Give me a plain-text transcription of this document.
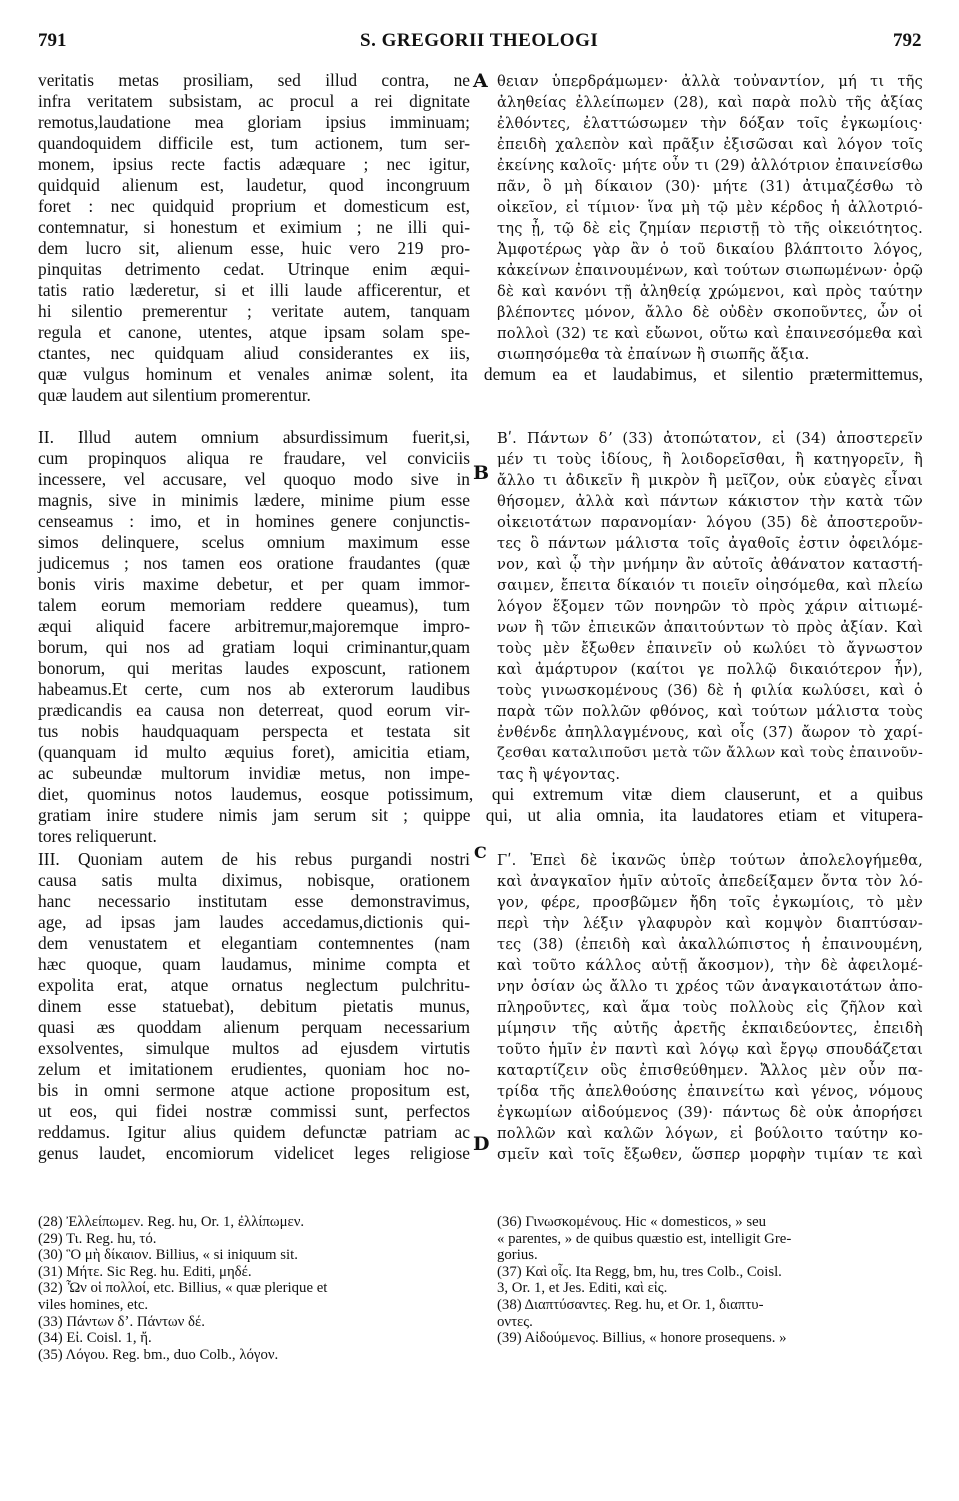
791	S. GREGORII THEOLOGI	792
veritatis metas prosiliam, sed illud contra, ne
infra veritatem subsistam, ac procul a rei dignitate
remotus,laudatione mea gloriam ipsius imminuam;
quandoquidem difficile est, tum actionem, tum ser-
monem, ipsius recte factis adæquare ; nec igitur,
quidquid alienum est, laudetur, quod incongruum
foret : nec quidquid proprium et domesticum est,
contemnatur, si honestum et eximium ; ne illi qui-
dem lucro sit, alienum esse, huic vero 219 pro-
pinquitas detrimento cedat. Utrinque enim æqui-
tatis ratio læderetur, si et illi laude afficerentur, et
hi silentio premerentur ; veritate autem, tanquam
regula et canone, utentes, atque ipsam solam spe-
ctantes, nec quidquam aliud considerantes ex iis,
θειαν ὑπερδράμωμεν· ἀλλὰ τοὐναντίον, μή τι τῆς
ἀληθείας ἐλλείπωμεν (28), καὶ παρὰ πολὺ τῆς ἀξίας
ἐλθόντες, ἐλαττώσωμεν τὴν δόξαν τοῖς ἐγκωμίοις·
ἐπειδὴ χαλεπὸν καὶ πρᾶξιν ἐξισῶσαι καὶ λόγον τοῖς
ἐκείνης καλοῖς· μήτε οὖν τι (29) ἀλλότριον ἐπαινείσθω
πᾶν, ὃ μὴ δίκαιον (30)· μήτε (31) ἀτιμαζέσθω τὸ
οἰκεῖον, εἰ τίμιον· ἵνα μὴ τῷ μὲν κέρδος ἡ ἀλλοτριό-
της ᾖ, τῷ δὲ εἰς ζημίαν περιστῇ τὸ τῆς οἰκειότητος.
Ἀμφοτέρως γὰρ ἂν ὁ τοῦ δικαίου βλάπτοιτο λόγος,
κἀκείνων ἐπαινουμένων, καὶ τούτων σιωπωμένων· ὀρῷ
δὲ καὶ κανόνι τῇ ἀληθείᾳ χρώμενοι, καὶ πρὸς ταύτην
βλέποντες μόνον, ἄλλο δὲ οὐδὲν σκοποῦντες, ὧν οἱ
πολλοὶ (32) τε καὶ εὔωνοι, οὕτω καὶ ἐπαινεσόμεθα καὶ
σιωπησόμεθα τὰ ἐπαίνων ἢ σιωπῆς ἄξια.
quæ vulgus hominum et venales animæ solent, ita demum ea et laudabimus, et silentio prætermittemus,
quæ laudem aut silentium promerentur.
II. Illud autem omnium absurdissimum fuerit,si,
cum propinquos aliqua re fraudare, vel conviciis
incessere, vel accusare, vel quoquo modo sive in
magnis, sive in minimis lædere, minime pium esse
censeamus : imo, et in homines genere conjunctis-
simos delinquere, scelus omnium maximum esse
judicemus ; nos tamen eos oratione fraudantes (quæ
bonis viris maxime debetur, et per quam immor-
talem eorum memoriam reddere queamus), tum
æqui aliquid facere arbitremur,majoremque impro-
borum, qui nos ad gratiam loqui criminantur,quam
bonorum, qui meritas laudes exposcunt, rationem
habeamus.Et certe, cum nos ab exterorum laudibus
prædicandis ea causa non deterreat, quod eorum vir-
tus nobis haudquaquam perspecta et testata sit
(quanquam id multo æquius foret), amicitia etiam,
ac subeundæ multorum invidiæ metus, non impe-
Βʹ. Πάντων δʼ (33) ἀτοπώτατον, εἰ (34) ἀποστερεῖν
μέν τι τοὺς ἰδίους, ἢ λοιδορεῖσθαι, ἢ κατηγορεῖν, ἢ
ἄλλο τι ἀδικεῖν ἢ μικρὸν ἢ μεῖζον, οὐκ εὐαγὲς εἶναι
θήσομεν, ἀλλὰ καὶ πάντων κάκιστον τὴν κατὰ τῶν
οἰκειοτάτων παρανομίαν· λόγου (35) δὲ ἀποστεροῦν-
τες ὃ πάντων μάλιστα τοῖς ἀγαθοῖς ἐστιν ὀφειλόμε-
νον, καὶ ᾧ τὴν μνήμην ἂν αὐτοῖς ἀθάνατον καταστή-
σαιμεν, ἔπειτα δίκαιόν τι ποιεῖν οἰησόμεθα, καὶ πλείω
λόγον ἕξομεν τῶν πονηρῶν τὸ πρὸς χάριν αἰτιωμέ-
νων ἢ τῶν ἐπιεικῶν ἀπαιτούντων τὸ πρὸς ἀξίαν. Καὶ
τοὺς μὲν ἔξωθεν ἐπαινεῖν οὐ κωλύει τὸ ἄγνωστον
καὶ ἀμάρτυρον (καίτοι γε πολλῷ δικαιότερον ἦν),
τοὺς γινωσκομένους (36) δὲ ἡ φιλία κωλύσει, καὶ ὁ
παρὰ τῶν πολλῶν φθόνος, καὶ τούτων μάλιστα τοὺς
ἐνθένδε ἀπηλλαγμένους, καὶ οἷς (37) ἄωρον τὸ χαρί-
ζεσθαι καταλιποῦσι μετὰ τῶν ἄλλων καὶ τοὺς ἐπαινοῦν-
τας ἢ ψέγοντας.
diet, quominus notos laudemus, eosque potissimum, qui extremum vitæ diem clauserunt, et a quibus
gratiam inire studere nimis jam serum sit ; quippe qui, ut alia omnia, ita laudatores etiam et vitupera-
tores reliquerunt.
III. Quoniam autem de his rebus purgandi nostri
causa satis multa diximus, nobisque, orationem
hanc necessario institutam esse demonstravimus,
age, ad ipsas jam laudes accedamus,dictionis qui-
dem venustatem et elegantiam contemnentes (nam
hæc quoque, quam laudamus, minime compta et
expolita erat, atque ornatus neglectum pulchritu-
dinem esse statuebat), debitum pietatis munus,
quasi æs quoddam alienum perquam necessarium
exsolventes, simulque multos ad ejusdem virtutis
zelum et imitationem erudientes, quoniam hoc no-
bis in omni sermone atque actione propositum est,
ut eos, qui fidei nostræ commissi sunt, perfectos
reddamus. Igitur alius quidem defunctæ patriam ac
genus laudet, encomiorum videlicet leges religiose
Γʹ. Ἐπεὶ δὲ ἱκανῶς ὑπὲρ τούτων ἀπολελογήμεθα,
καὶ ἀναγκαῖον ἡμῖν αὐτοῖς ἀπεδείξαμεν ὄντα τὸν λό-
γον, φέρε, προσβῶμεν ἤδη τοῖς ἐγκωμίοις, τὸ μὲν
περὶ τὴν λέξιν γλαφυρὸν καὶ κομψὸν διαπτύσαν-
τες (38) (ἐπειδὴ καὶ ἀκαλλώπιστος ἡ ἐπαινουμένη,
καὶ τοῦτο κάλλος αὐτῇ ἄκοσμον), τὴν δὲ ἀφειλομέ-
νην ὁσίαν ὡς ἄλλο τι χρέος τῶν ἀναγκαιοτάτων ἀπο-
πληροῦντες, καὶ ἅμα τοὺς πολλοὺς εἰς ζῆλον καὶ
μίμησιν τῆς αὐτῆς ἀρετῆς ἐκπαιδεύοντες, ἐπειδὴ
τοῦτο ἡμῖν ἐν παντὶ καὶ λόγῳ καὶ ἔργῳ σπουδάζεται
καταρτίζειν οὓς ἐπισθεύθημεν. Ἄλλος μὲν οὖν πα-
τρίδα τῆς ἀπελθούσης ἐπαινείτω καὶ γένος, νόμους
ἐγκωμίων αἰδούμενος (39)· πάντως δὲ οὐκ ἀπορήσει
πολλῶν καὶ καλῶν λόγων, εἰ βούλοιτο ταύτην κο-
σμεῖν καὶ τοῖς ἔξωθεν, ὥσπερ μορφὴν τιμίαν τε καὶ
A
B
C
D
(28) Ἐλλείπωμεν. Reg. hu, Or. 1, ἐλλίπωμεν.
(29) Τι. Reg. hu, τό.
(30) Ὃ μὴ δίκαιον. Billius, « si iniquum sit.
(31) Μήτε. Sic Reg. hu. Editi, μηδέ.
(32) Ὧν οἱ πολλοί, etc. Billius, « quæ plerique et
viles homines, etc.
(33) Πάντων δʼ. Πάντων δέ.
(34) Εἰ. Coisl. 1, ἤ.
(35) Λόγου. Reg. bm., duo Colb., λόγον.
(36) Γινωσκομένους. Hic « domesticos, » seu
« parentes, » de quibus quæstio est, intelligit Gre-
gorius.
(37) Καὶ οἷς. Ita Regg, bm, hu, tres Colb., Coisl.
3, Or. 1, et Jes. Editi, καὶ εἰς.
(38) Διαπτύσαντες. Reg. hu, et Or. 1, διαπτυ-
οντες.
(39) Αἰδούμενος. Billius, « honore prosequens. »
